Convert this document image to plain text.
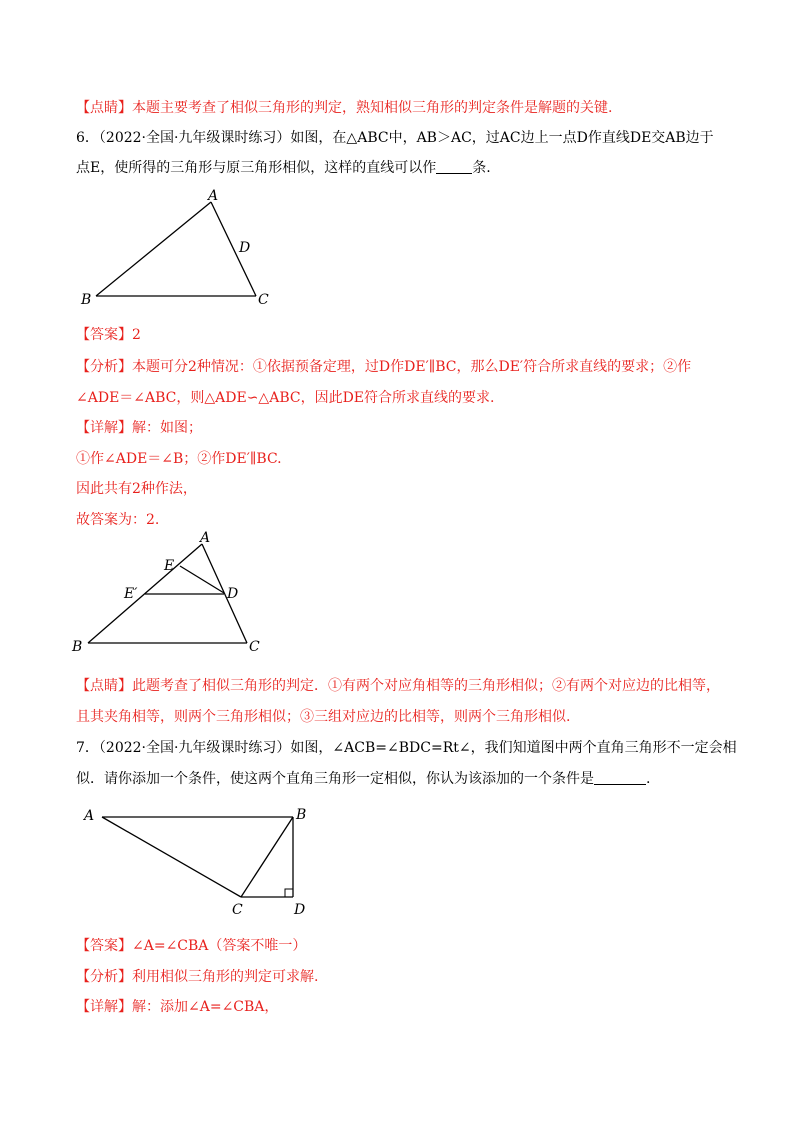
【点睛】本题主要考查了相似三角形的判定，熟知相似三角形的判定条件是解题的关键.
6．（2022·全国·九年级课时练习）如图，在△ABC中，AB＞AC，过AC边上一点D作直线DE交AB边于
点E，使所得的三角形与原三角形相似，这样的直线可以作	条.
A
D
B	C
【答案】2
【分析】本题可分2种情况：①依据预备定理，过D作DE′∥BC，那么DE′符合所求直线的要求；②作
∠ADE＝∠ABC，则△ADE∽△ABC，因此DE符合所求直线的要求.
【详解】解：如图；
①作∠ADE＝∠B；②作DE′∥BC.
因此共有2种作法，
故答案为：2.
A
E
E′	D
B	C
【点睛】此题考查了相似三角形的判定．①有两个对应角相等的三角形相似；②有两个对应边的比相等，
且其夹角相等，则两个三角形相似；③三组对应边的比相等，则两个三角形相似.
7．（2022·全国·九年级课时练习）如图，∠ACB=∠BDC=Rt∠，我们知道图中两个直角三角形不一定会相
似．请你添加一个条件，使这两个直角三角形一定相似，你认为该添加的一个条件是	.
A	B
C	D
【答案】∠A=∠CBA（答案不唯一）
【分析】利用相似三角形的判定可求解.
【详解】解：添加∠A=∠CBA，
